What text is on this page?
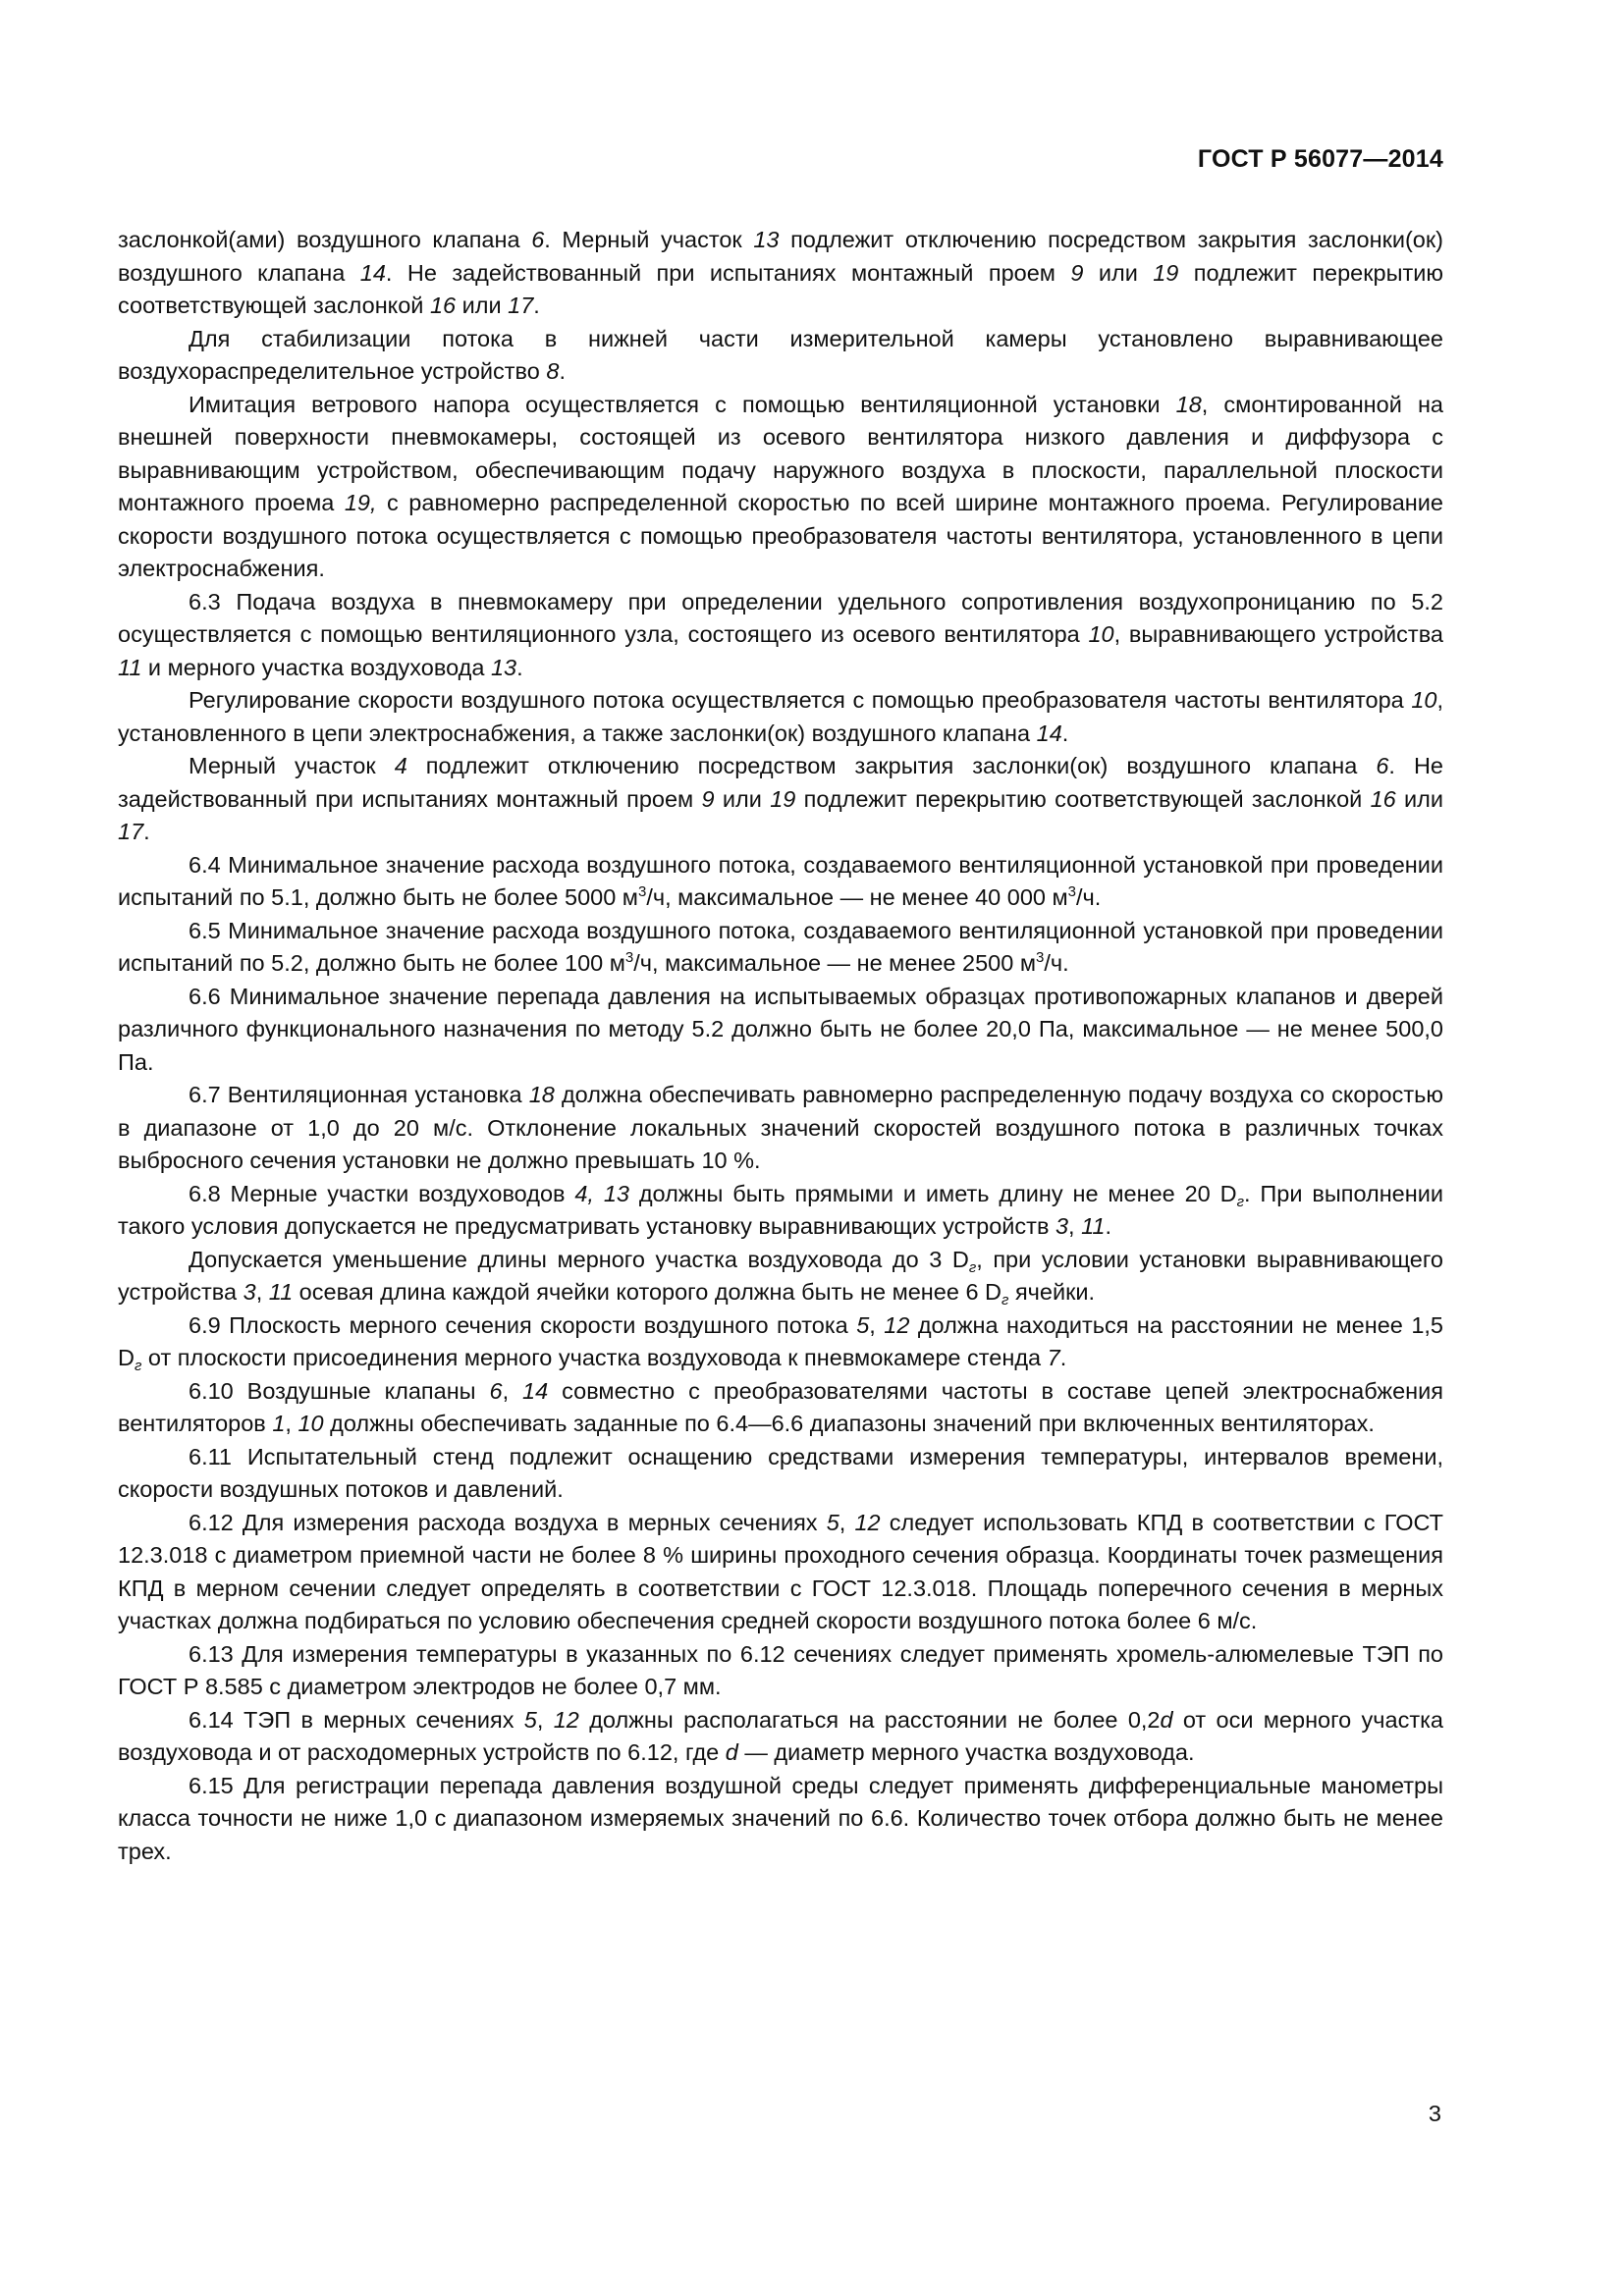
ГОСТ Р 56077—2014

заслонкой(ами) воздушного клапана 6. Мерный участок 13 подлежит отключению посредством закрытия заслонки(ок) воздушного клапана 14. Не задействованный при испытаниях монтажный проем 9 или 19 подлежит перекрытию соответствующей заслонкой 16 или 17.

Для стабилизации потока в нижней части измерительной камеры установлено выравнивающее воздухораспределительное устройство 8.

Имитация ветрового напора осуществляется с помощью вентиляционной установки 18, смонтированной на внешней поверхности пневмокамеры, состоящей из осевого вентилятора низкого давления и диффузора с выравнивающим устройством, обеспечивающим подачу наружного воздуха в плоскости, параллельной плоскости монтажного проема 19, с равномерно распределенной скоростью по всей ширине монтажного проема. Регулирование скорости воздушного потока осуществляется с помощью преобразователя частоты вентилятора, установленного в цепи электроснабжения.

6.3 Подача воздуха в пневмокамеру при определении удельного сопротивления воздухопроницанию по 5.2 осуществляется с помощью вентиляционного узла, состоящего из осевого вентилятора 10, выравнивающего устройства 11 и мерного участка воздуховода 13.

Регулирование скорости воздушного потока осуществляется с помощью преобразователя частоты вентилятора 10, установленного в цепи электроснабжения, а также заслонки(ок) воздушного клапана 14.

Мерный участок 4 подлежит отключению посредством закрытия заслонки(ок) воздушного клапана 6. Не задействованный при испытаниях монтажный проем 9 или 19 подлежит перекрытию соответствующей заслонкой 16 или 17.

6.4 Минимальное значение расхода воздушного потока, создаваемого вентиляционной установкой при проведении испытаний по 5.1, должно быть не более 5000 $м^3/ч$, максимальное — не менее 40 000 $м^3/ч$.

6.5 Минимальное значение расхода воздушного потока, создаваемого вентиляционной установкой при проведении испытаний по 5.2, должно быть не более 100 $м^3/ч$, максимальное — не менее 2500 $м^3/ч$.

6.6 Минимальное значение перепада давления на испытываемых образцах противопожарных клапанов и дверей различного функционального назначения по методу 5.2 должно быть не более 20,0 Па, максимальное — не менее 500,0 Па.

6.7 Вентиляционная установка 18 должна обеспечивать равномерно распределенную подачу воздуха со скоростью в диапазоне от 1,0 до 20 м/с. Отклонение локальных значений скоростей воздушного потока в различных точках выбросного сечения установки не должно превышать 10 %.

6.8 Мерные участки воздуховодов 4, 13 должны быть прямыми и иметь длину не менее 20 $D_г$. При выполнении такого условия допускается не предусматривать установку выравнивающих устройств 3, 11.

Допускается уменьшение длины мерного участка воздуховода до 3 $D_г$, при условии установки выравнивающего устройства 3, 11 осевая длина каждой ячейки которого должна быть не менее 6 $D_г$ ячейки.

6.9 Плоскость мерного сечения скорости воздушного потока 5, 12 должна находиться на расстоянии не менее 1,5 $D_г$ от плоскости присоединения мерного участка воздуховода к пневмокамере стенда 7.

6.10 Воздушные клапаны 6, 14 совместно с преобразователями частоты в составе цепей электроснабжения вентиляторов 1, 10 должны обеспечивать заданные по 6.4—6.6 диапазоны значений при включенных вентиляторах.

6.11 Испытательный стенд подлежит оснащению средствами измерения температуры, интервалов времени, скорости воздушных потоков и давлений.

6.12 Для измерения расхода воздуха в мерных сечениях 5, 12 следует использовать КПД в соответствии с ГОСТ 12.3.018 с диаметром приемной части не более 8 % ширины проходного сечения образца. Координаты точек размещения КПД в мерном сечении следует определять в соответствии с ГОСТ 12.3.018. Площадь поперечного сечения в мерных участках должна подбираться по условию обеспечения средней скорости воздушного потока более 6 м/с.

6.13 Для измерения температуры в указанных по 6.12 сечениях следует применять хромель-алюмелевые ТЭП по ГОСТ Р 8.585 с диаметром электродов не более 0,7 мм.

6.14 ТЭП в мерных сечениях 5, 12 должны располагаться на расстоянии не более 0,2d от оси мерного участка воздуховода и от расходомерных устройств по 6.12, где d — диаметр мерного участка воздуховода.

6.15 Для регистрации перепада давления воздушной среды следует применять дифференциальные манометры класса точности не ниже 1,0 с диапазоном измеряемых значений по 6.6. Количество точек отбора должно быть не менее трех.

3
